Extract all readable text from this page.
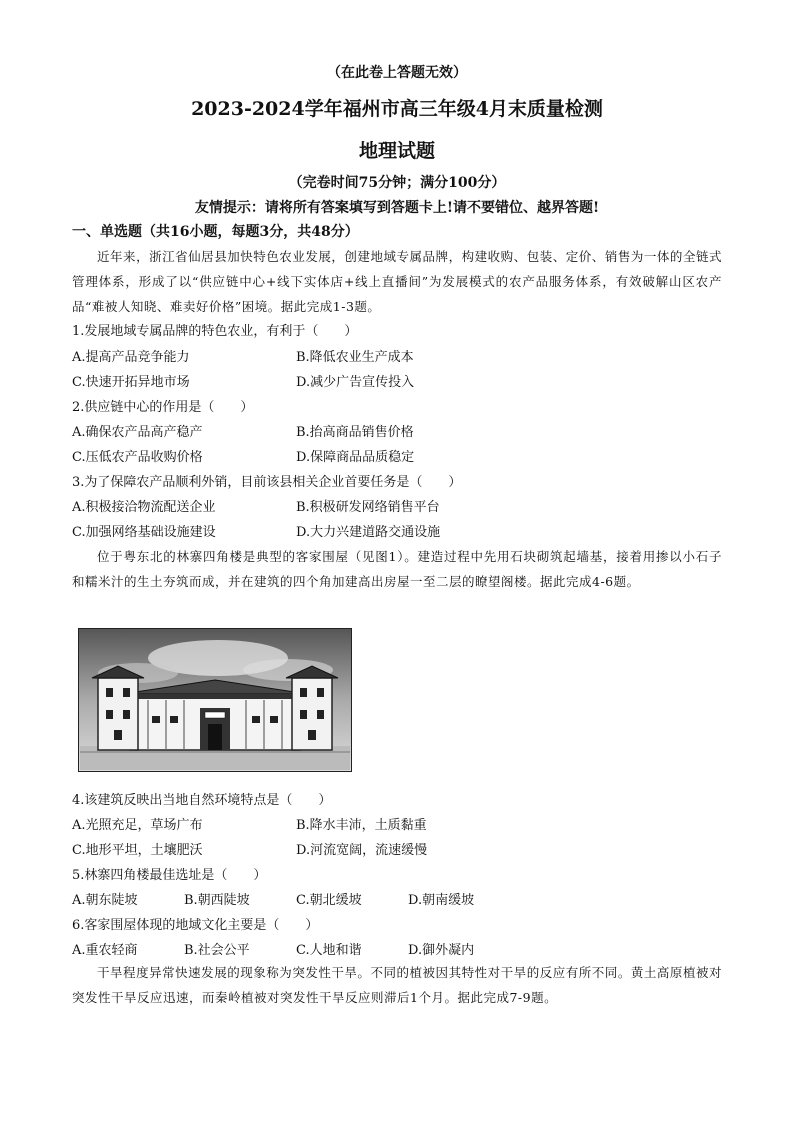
（在此卷上答题无效）
2023-2024学年福州市高三年级4月末质量检测
地理试题
（完卷时间75分钟；满分100分）
友情提示：请将所有答案填写到答题卡上!请不要错位、越界答题!
一、单选题（共16小题，每题3分，共48分）
近年来，浙江省仙居县加快特色农业发展，创建地域专属品牌，构建收购、包装、定价、销售为一体的全链式管理体系，形成了以“供应链中心+线下实体店+线上直播间”为发展模式的农产品服务体系，有效破解山区农产品“难被人知晓、难卖好价格”困境。据此完成1-3题。
1.发展地域专属品牌的特色农业，有利于（　　）
A.提高产品竞争能力	B.降低农业生产成本
C.快速开拓异地市场	D.减少广告宣传投入
2.供应链中心的作用是（　　）
A.确保农产品高产稳产	B.抬高商品销售价格
C.压低农产品收购价格	D.保障商品品质稳定
3.为了保障农产品顺利外销，目前该县相关企业首要任务是（　　）
A.积极接洽物流配送企业	B.积极研发网络销售平台
C.加强网络基础设施建设	D.大力兴建道路交通设施
位于粤东北的林寨四角楼是典型的客家围屋（见图1）。建造过程中先用石块砌筑起墙基，接着用掺以小石子和糯米汁的生土夯筑而成，并在建筑的四个角加建高出房屋一至二层的瞭望阁楼。据此完成4-6题。
4.该建筑反映出当地自然环境特点是（　　）
A.光照充足，草场广布	B.降水丰沛，土质黏重
C.地形平坦，土壤肥沃	D.河流宽阔，流速缓慢
5.林寨四角楼最佳选址是（　　）
A.朝东陡坡	B.朝西陡坡	C.朝北缓坡	D.朝南缓坡
6.客家围屋体现的地域文化主要是（　　）
A.重农轻商	B.社会公平	C.人地和谐	D.御外凝内
干旱程度异常快速发展的现象称为突发性干旱。不同的植被因其特性对干旱的反应有所不同。黄土高原植被对突发性干旱反应迅速，而秦岭植被对突发性干旱反应则滞后1个月。据此完成7-9题。
